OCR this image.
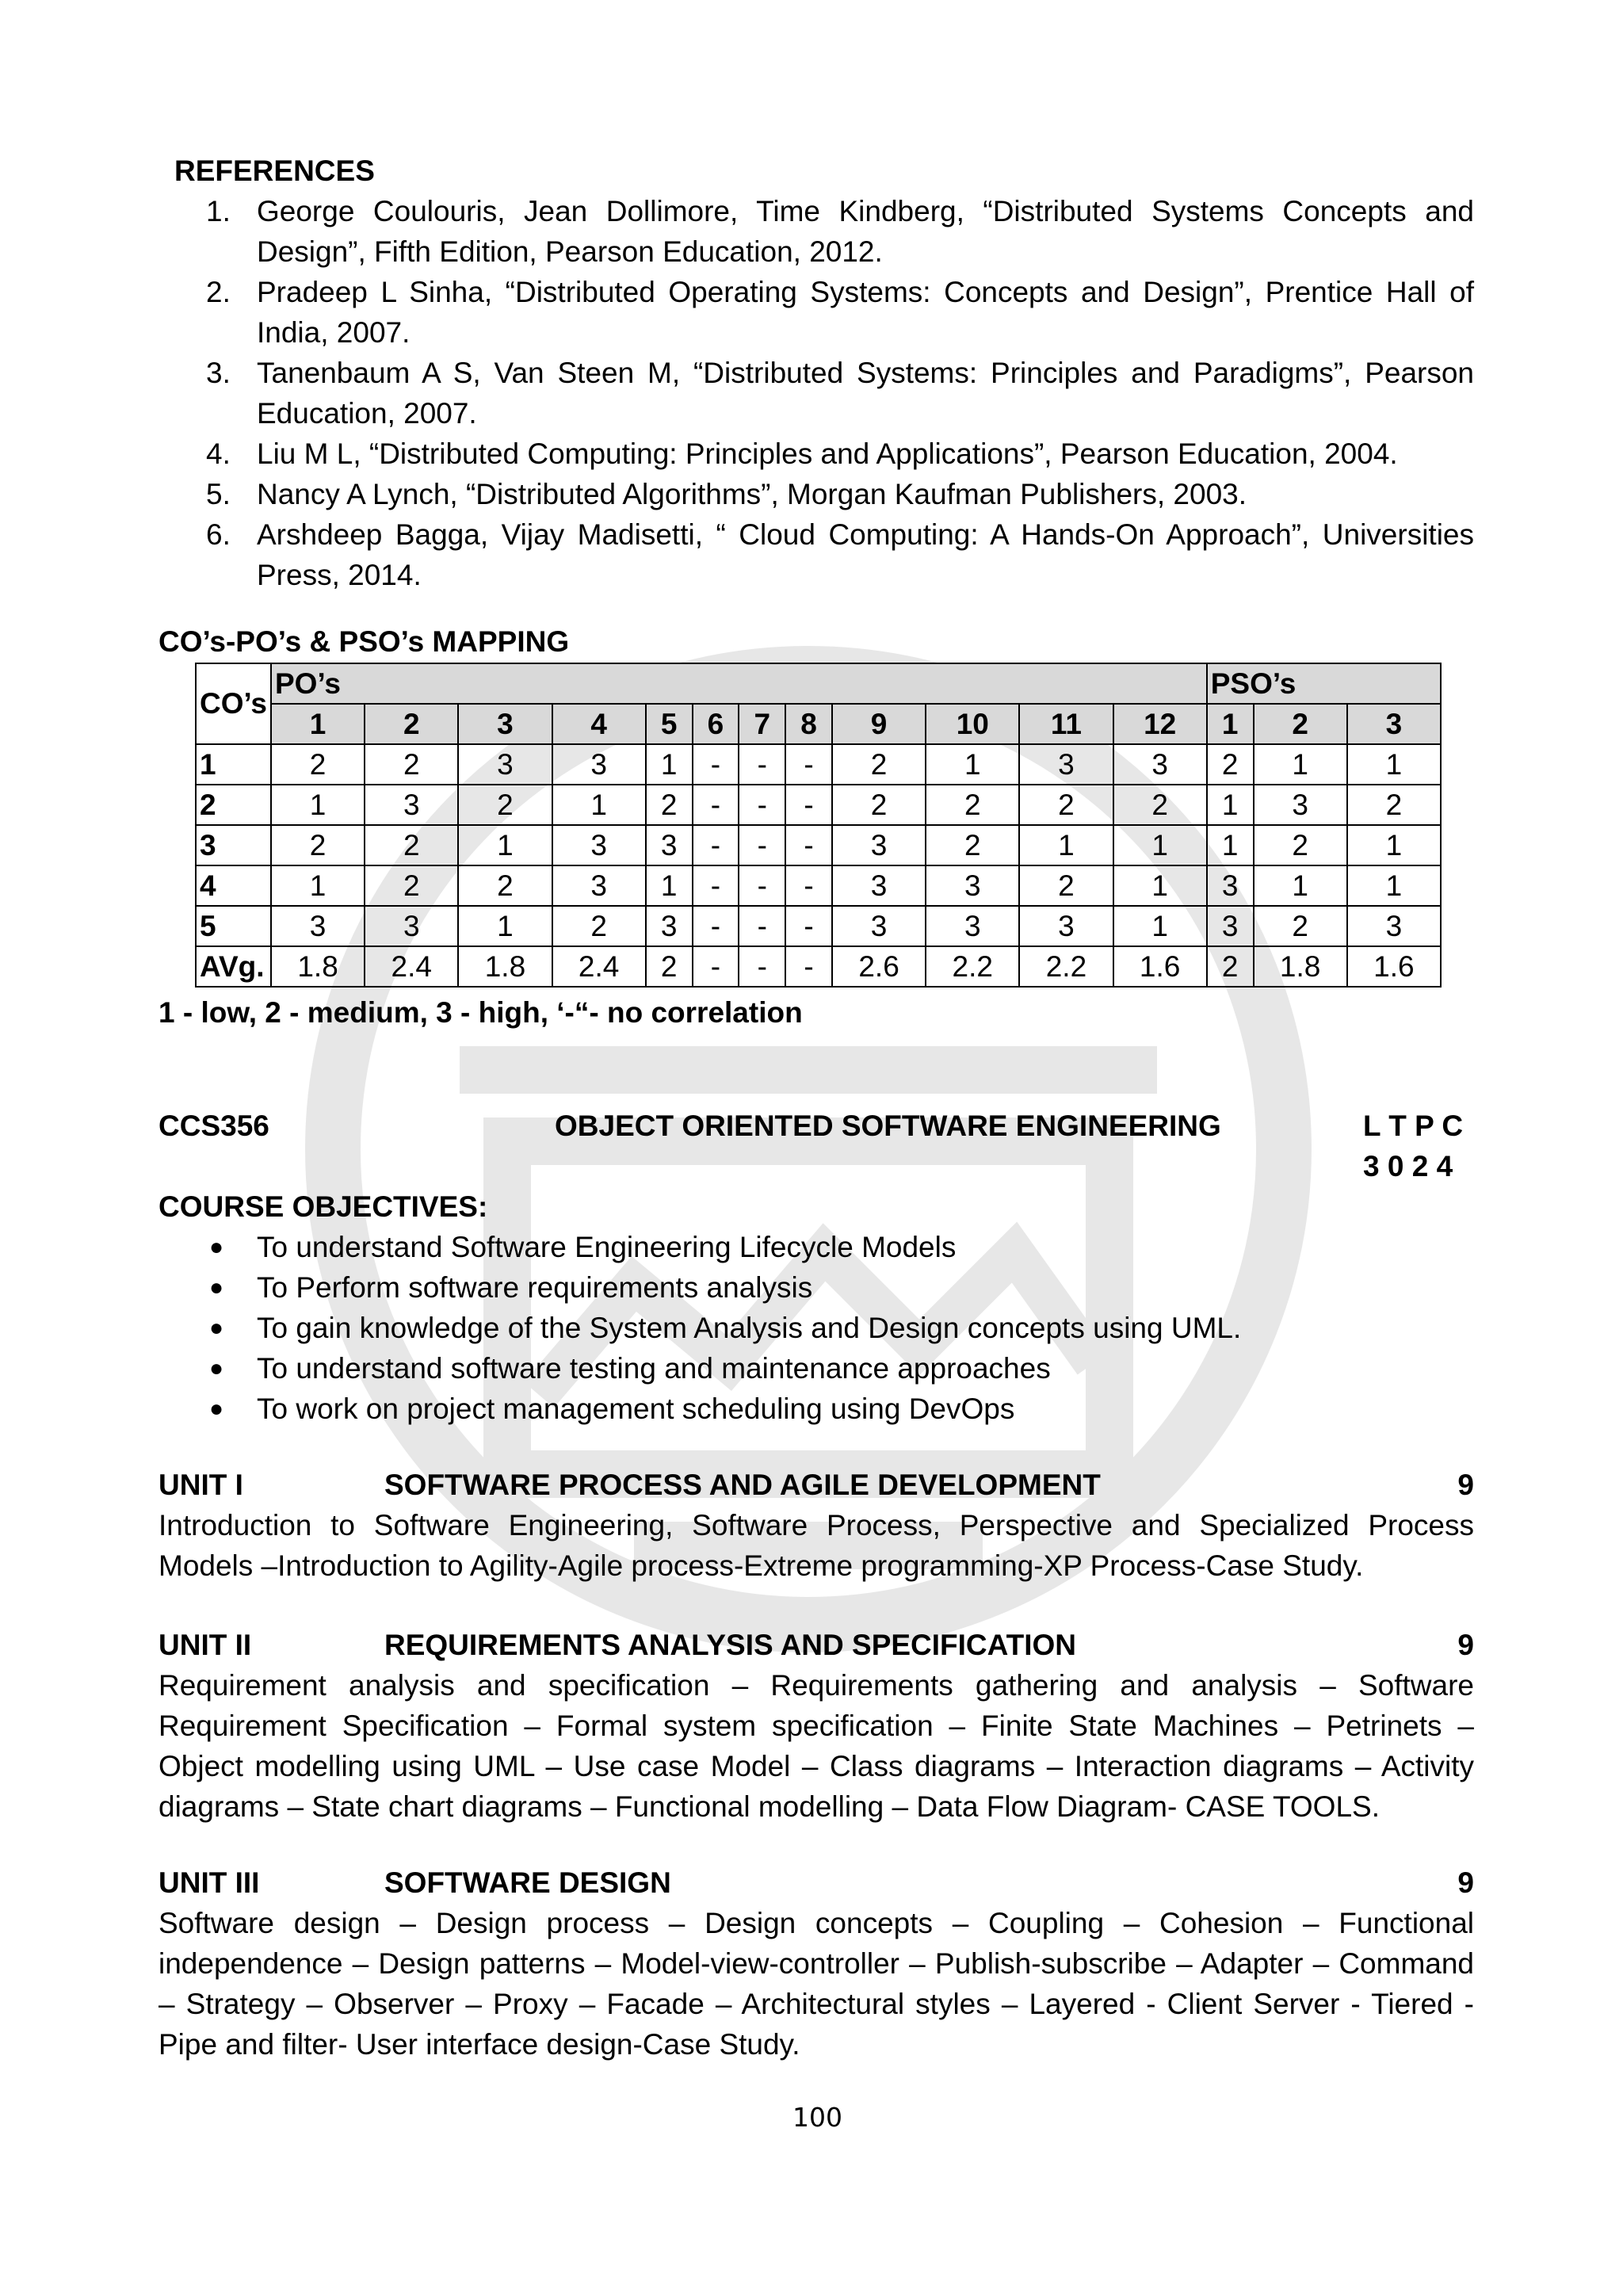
REFERENCES
1. George Coulouris, Jean Dollimore, Time Kindberg, “Distributed Systems Concepts and Design”, Fifth Edition, Pearson Education, 2012.
2. Pradeep L Sinha, “Distributed Operating Systems: Concepts and Design”, Prentice Hall of India, 2007.
3. Tanenbaum A S, Van Steen M, “Distributed Systems: Principles and Paradigms”, Pearson Education, 2007.
4. Liu M L, “Distributed Computing: Principles and Applications”, Pearson Education, 2004.
5. Nancy A Lynch, “Distributed Algorithms”, Morgan Kaufman Publishers, 2003.
6. Arshdeep Bagga, Vijay Madisetti, “ Cloud Computing: A Hands-On Approach”, Universities Press, 2014.
CO’s-PO’s & PSO’s MAPPING
CO’s	PO’s												PSO’s		
	1	2	3	4	5	6	7	8	9	10	11	12	1	2	3
1	2	2	3	3	1	-	-	-	2	1	3	3	2	1	1
2	1	3	2	1	2	-	-	-	2	2	2	2	1	3	2
3	2	2	1	3	3	-	-	-	3	2	1	1	1	2	1
4	1	2	2	3	1	-	-	-	3	3	2	1	3	1	1
5	3	3	1	2	3	-	-	-	3	3	3	1	3	2	3
AVg.	1.8	2.4	1.8	2.4	2	-	-	-	2.6	2.2	2.2	1.6	2	1.8	1.6
1 - low, 2 - medium, 3 - high, ‘-“- no correlation
CCS356	OBJECT ORIENTED SOFTWARE ENGINEERING	L T P C
3 0 2 4
COURSE OBJECTIVES:
● To understand Software Engineering Lifecycle Models
● To Perform software requirements analysis
● To gain knowledge of the System Analysis and Design concepts using UML.
● To understand software testing and maintenance approaches
● To work on project management scheduling using DevOps
UNIT I	SOFTWARE PROCESS AND AGILE DEVELOPMENT	9
Introduction to Software Engineering, Software Process, Perspective and Specialized Process Models –Introduction to Agility-Agile process-Extreme programming-XP Process-Case Study.
UNIT II	REQUIREMENTS ANALYSIS AND SPECIFICATION	9
Requirement analysis and specification – Requirements gathering and analysis – Software Requirement Specification – Formal system specification – Finite State Machines – Petrinets – Object modelling using UML – Use case Model – Class diagrams – Interaction diagrams – Activity diagrams – State chart diagrams – Functional modelling – Data Flow Diagram- CASE TOOLS.
UNIT III	SOFTWARE DESIGN	9
Software design – Design process – Design concepts – Coupling – Cohesion – Functional independence – Design patterns – Model-view-controller – Publish-subscribe – Adapter – Command – Strategy – Observer – Proxy – Facade – Architectural styles – Layered - Client Server - Tiered - Pipe and filter- User interface design-Case Study.
100
